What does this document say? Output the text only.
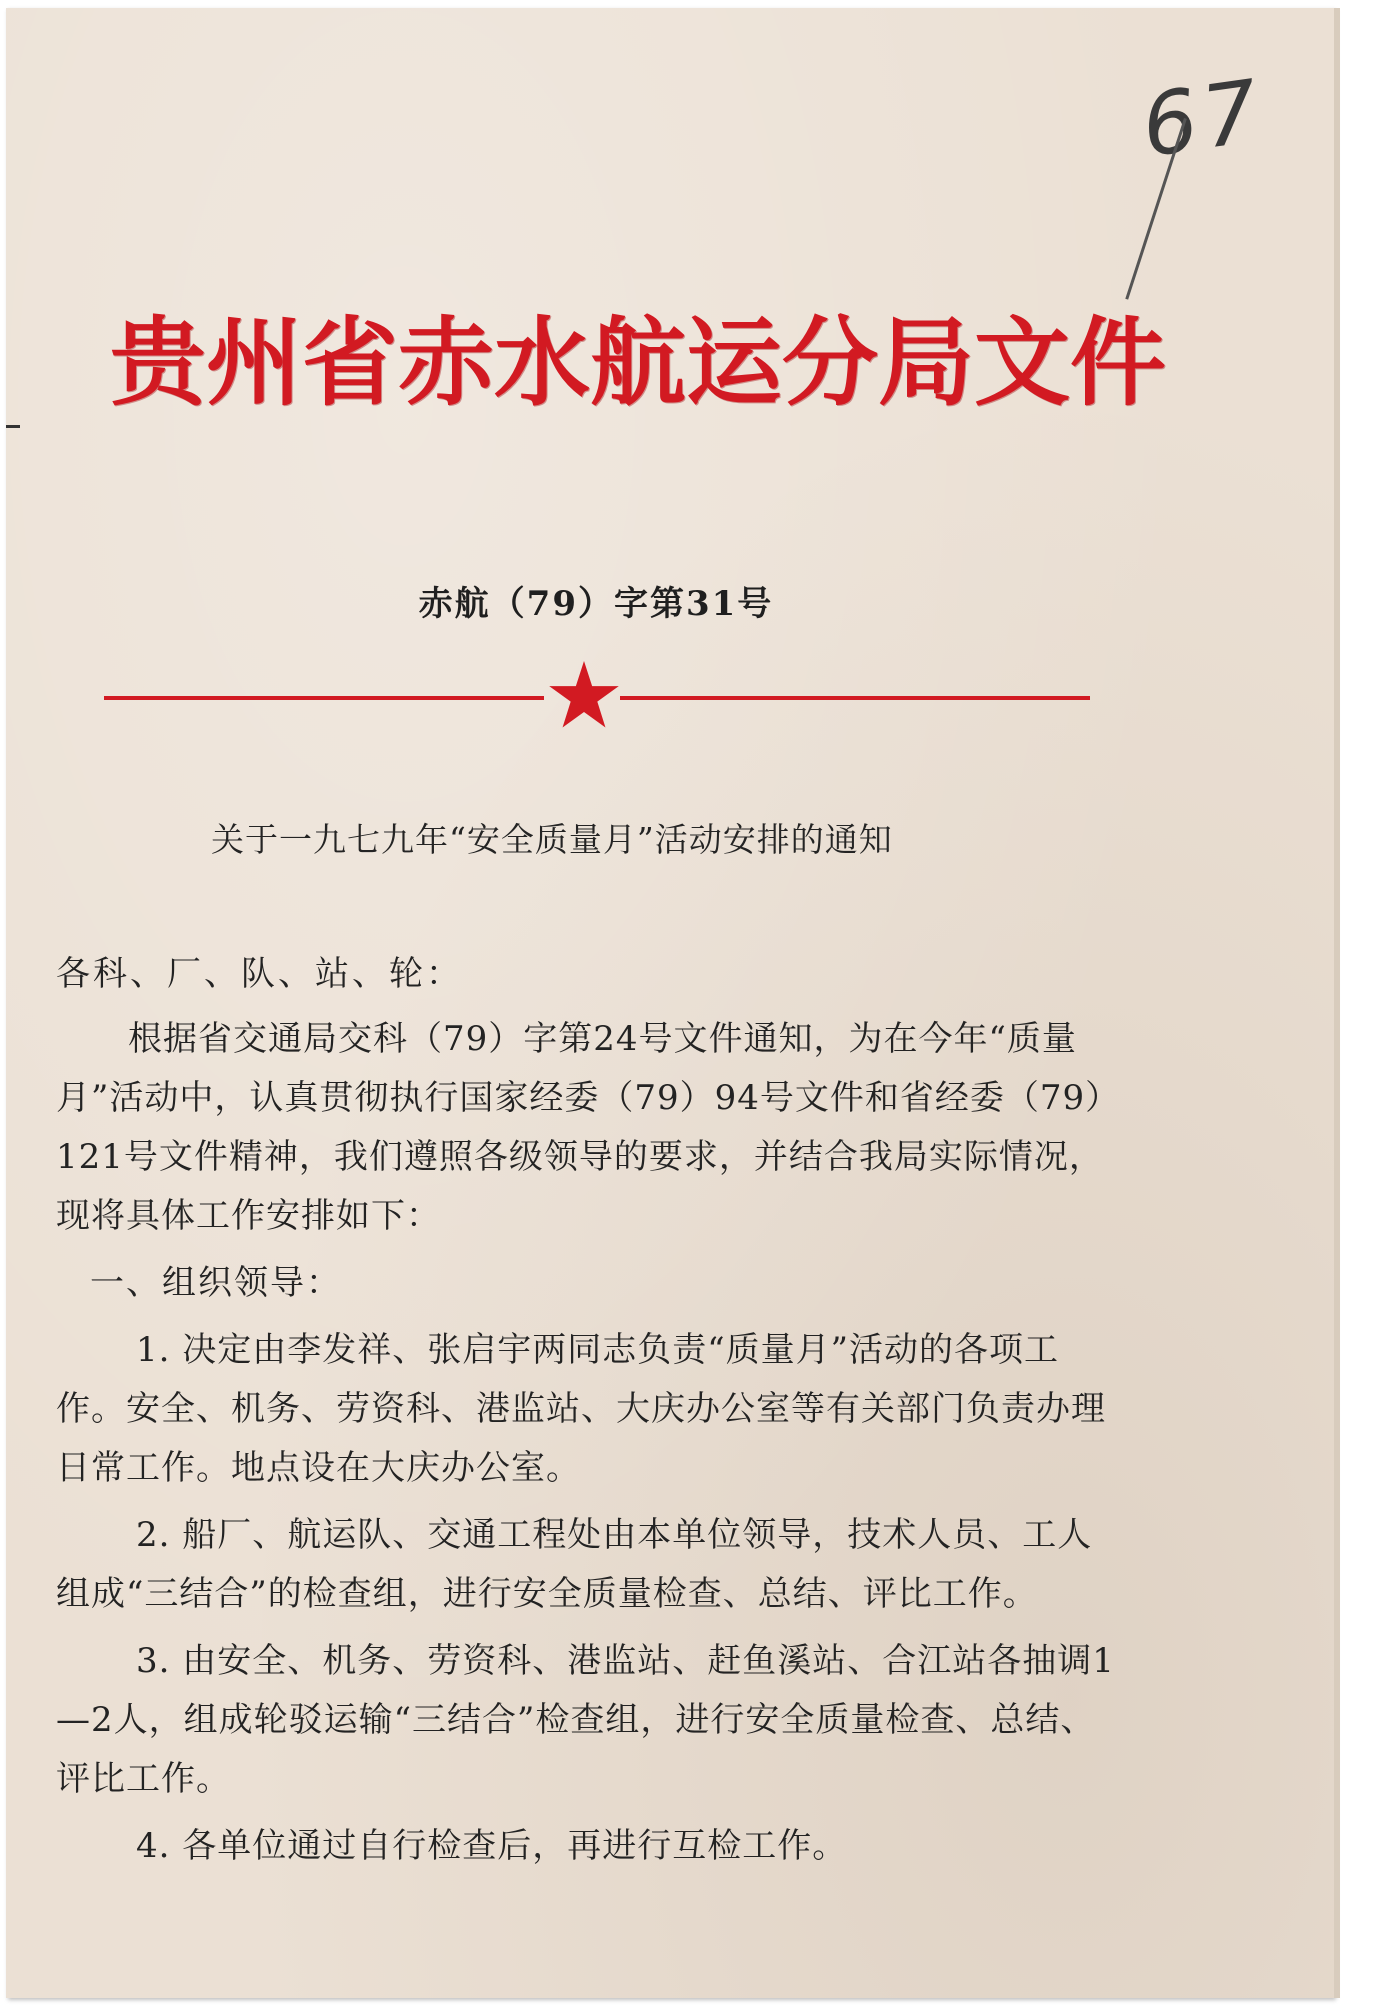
67
贵州省赤水航运分局文件
赤航（79）字第31号
关于一九七九年“安全质量月”活动安排的通知
各科、厂、队、站、轮：

根据省交通局交科（79）字第24号文件通知，为在今年“质量月”活动中，认真贯彻执行国家经委（79）94号文件和省经委（79）121号文件精神，我们遵照各级领导的要求，并结合我局实际情况，现将具体工作安排如下：

一、组织领导：

1. 决定由李发祥、张启宇两同志负责“质量月”活动的各项工作。安全、机务、劳资科、港监站、大庆办公室等有关部门负责办理日常工作。地点设在大庆办公室。

2. 船厂、航运队、交通工程处由本单位领导，技术人员、工人组成“三结合”的检查组，进行安全质量检查、总结、评比工作。

3. 由安全、机务、劳资科、港监站、赶鱼溪站、合江站各抽调1—2人，组成轮驳运输“三结合”检查组，进行安全质量检查、总结、评比工作。

4. 各单位通过自行检查后，再进行互检工作。
